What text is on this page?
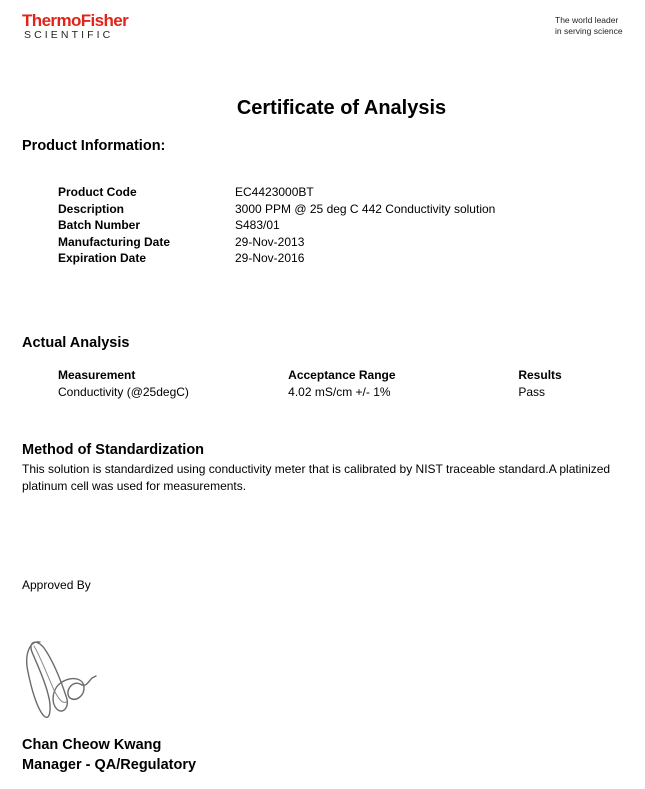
ThermoFisher
SCIENTIFIC
The world leader
in serving science
Certificate of Analysis
Product Information:
Product Code	EC4423000BT
Description	3000 PPM @ 25 deg C 442 Conductivity solution
Batch Number	S483/01
Manufacturing Date	29-Nov-2013
Expiration Date	29-Nov-2016
Actual Analysis
Measurement	Acceptance Range	Results
Conductivity (@25degC)	4.02 mS/cm +/- 1%	Pass
Method of Standardization
This solution is standardized using conductivity meter that is calibrated by NIST traceable standard.A platinized platinum cell was used for measurements.
Approved By
Chan Cheow Kwang
Manager - QA/Regulatory
